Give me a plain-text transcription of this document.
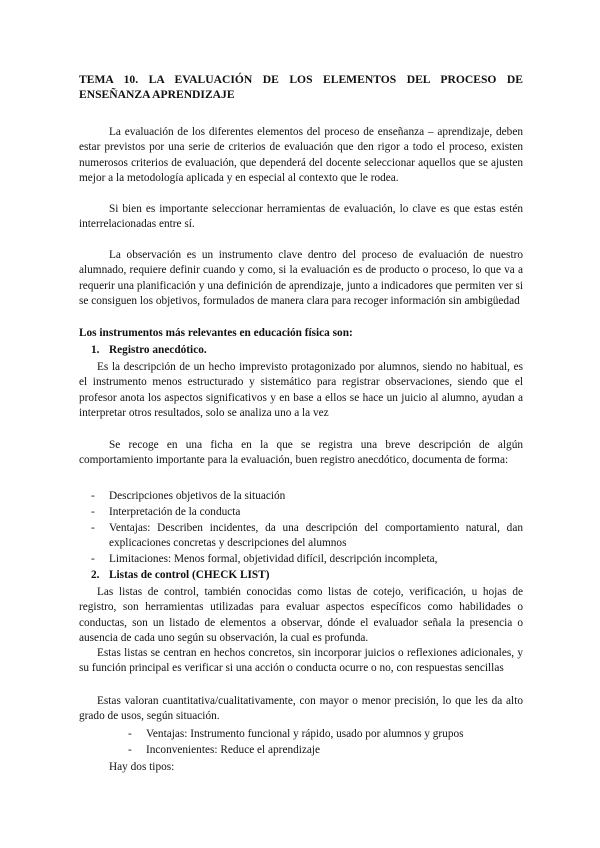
TEMA 10. LA EVALUACIÓN DE LOS ELEMENTOS DEL PROCESO DE ENSEÑANZA APRENDIZAJE

La evaluación de los diferentes elementos del proceso de enseñanza – aprendizaje, deben estar previstos por una serie de criterios de evaluación que den rigor a todo el proceso, existen numerosos criterios de evaluación, que dependerá del docente seleccionar aquellos que se ajusten mejor a la metodología aplicada y en especial al contexto que le rodea.

Si bien es importante seleccionar herramientas de evaluación, lo clave es que estas estén interrelacionadas entre sí.

La observación es un instrumento clave dentro del proceso de evaluación de nuestro alumnado, requiere definir cuando y como, si la evaluación es de producto o proceso, lo que va a requerir una planificación y una definición de aprendizaje, junto a indicadores que permiten ver si se consiguen los objetivos, formulados de manera clara para recoger información sin ambigüedad

Los instrumentos más relevantes en educación física son:

1. Registro anecdótico.

Es la descripción de un hecho imprevisto protagonizado por alumnos, siendo no habitual, es el instrumento menos estructurado y sistemático para registrar observaciones, siendo que el profesor anota los aspectos significativos y en base a ellos se hace un juicio al alumno, ayudan a interpretar otros resultados, solo se analiza uno a la vez

Se recoge en una ficha en la que se registra una breve descripción de algún comportamiento importante para la evaluación, buen registro anecdótico, documenta de forma:

- Descripciones objetivos de la situación

- Interpretación de la conducta

- Ventajas: Describen incidentes, da una descripción del comportamiento natural, dan explicaciones concretas y descripciones del alumnos

- Limitaciones: Menos formal, objetividad difícil, descripción incompleta,

2. Listas de control (CHECK LIST)

Las listas de control, también conocidas como listas de cotejo, verificación, u hojas de registro, son herramientas utilizadas para evaluar aspectos específicos como habilidades o conductas, son un listado de elementos a observar, dónde el evaluador señala la presencia o ausencia de cada uno según su observación, la cual es profunda.

Estas listas se centran en hechos concretos, sin incorporar juicios o reflexiones adicionales, y su función principal es verificar si una acción o conducta ocurre o no, con respuestas sencillas

Estas valoran cuantitativa/cualitativamente, con mayor o menor precisión, lo que les da alto grado de usos, según situación.

- Ventajas: Instrumento funcional y rápido, usado por alumnos y grupos

- Inconvenientes: Reduce el aprendizaje

Hay dos tipos:
